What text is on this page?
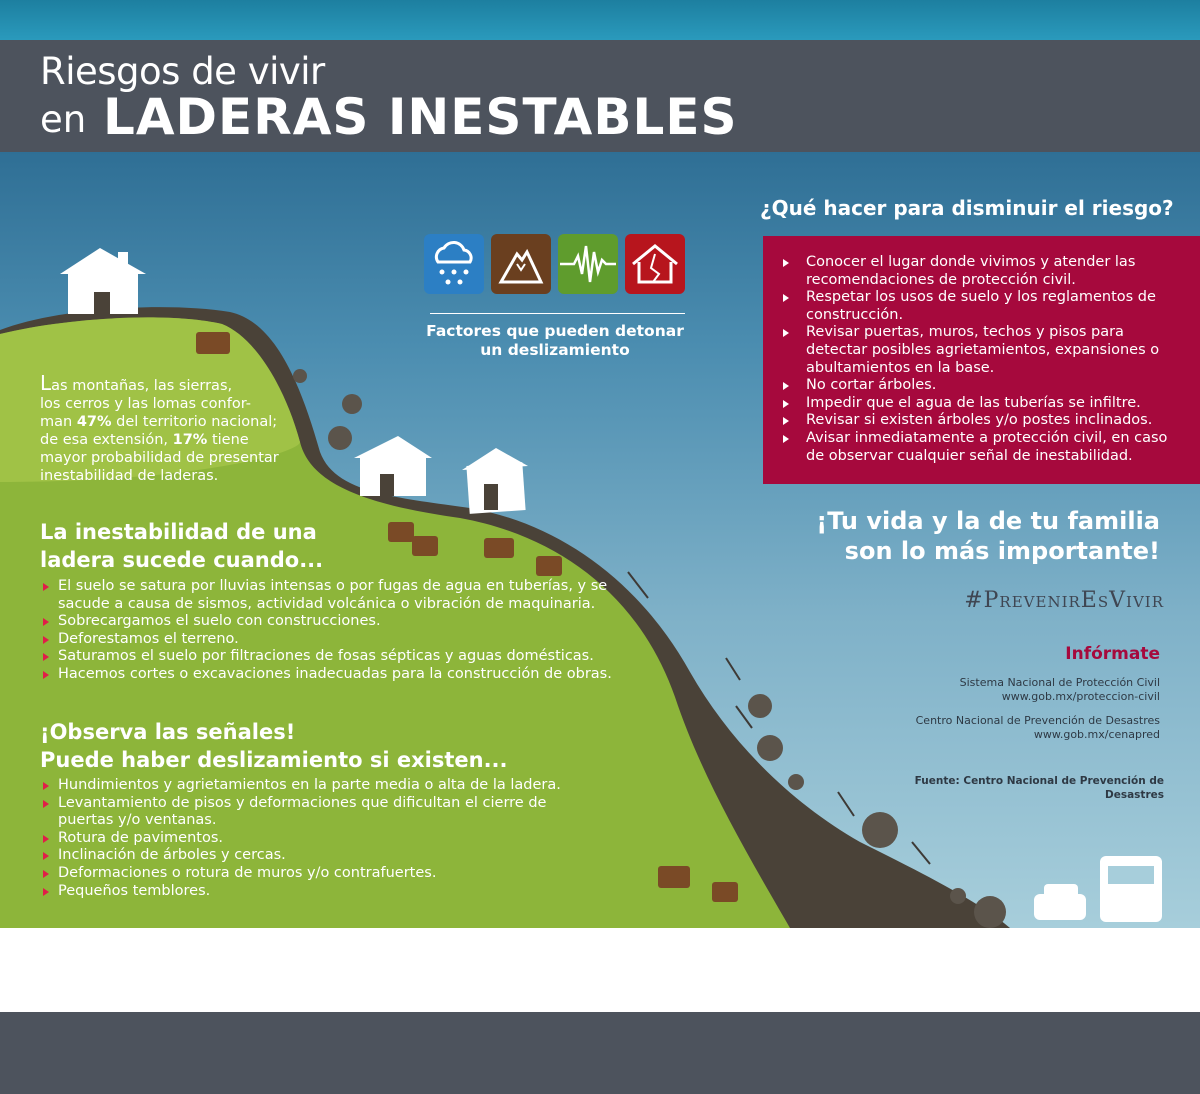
Riesgos de vivir
en LADERAS INESTABLES
Las montañas, las sierras,
los cerros y las lomas confor-
man 47% del territorio nacional;
de esa extensión, 17% tiene
mayor probabilidad de presentar
inestabilidad de laderas.
La inestabilidad de una
ladera sucede cuando...
El suelo se satura por lluvias intensas o por fugas de agua en tuberías, y se sacude a causa de sismos, actividad volcánica o vibración de maquinaria.
Sobrecargamos el suelo con construcciones.
Deforestamos el terreno.
Saturamos el suelo por filtraciones de fosas sépticas y aguas domésticas.
Hacemos cortes o excavaciones inadecuadas para la construcción de obras.
¡Observa las señales!
Puede haber deslizamiento si existen...
Hundimientos y agrietamientos en la parte media o alta de la ladera.
Levantamiento de pisos y deformaciones que dificultan el cierre de puertas y/o ventanas.
Rotura de pavimentos.
Inclinación de árboles y cercas.
Deformaciones o rotura de muros y/o contrafuertes.
Pequeños temblores.
Factores que pueden detonar
un deslizamiento
¿Qué hacer para disminuir el riesgo?
Conocer el lugar donde vivimos y atender las recomendaciones de protección civil.
Respetar los usos de suelo y los reglamentos de construcción.
Revisar puertas, muros, techos y pisos para detectar posibles agrietamientos, expansiones o abultamientos en la base.
No cortar árboles.
Impedir que el agua de las tuberías se infiltre.
Revisar si existen árboles y/o postes inclinados.
Avisar inmediatamente a protección civil, en caso de observar cualquier señal de inestabilidad.
¡Tu vida y la de tu familia
son lo más importante!
#PrevenirEsVivir
Infórmate
Sistema Nacional de Protección Civil
www.gob.mx/proteccion-civil
Centro Nacional de Prevención de Desastres
www.gob.mx/cenapred
Fuente: Centro Nacional de Prevención de Desastres
